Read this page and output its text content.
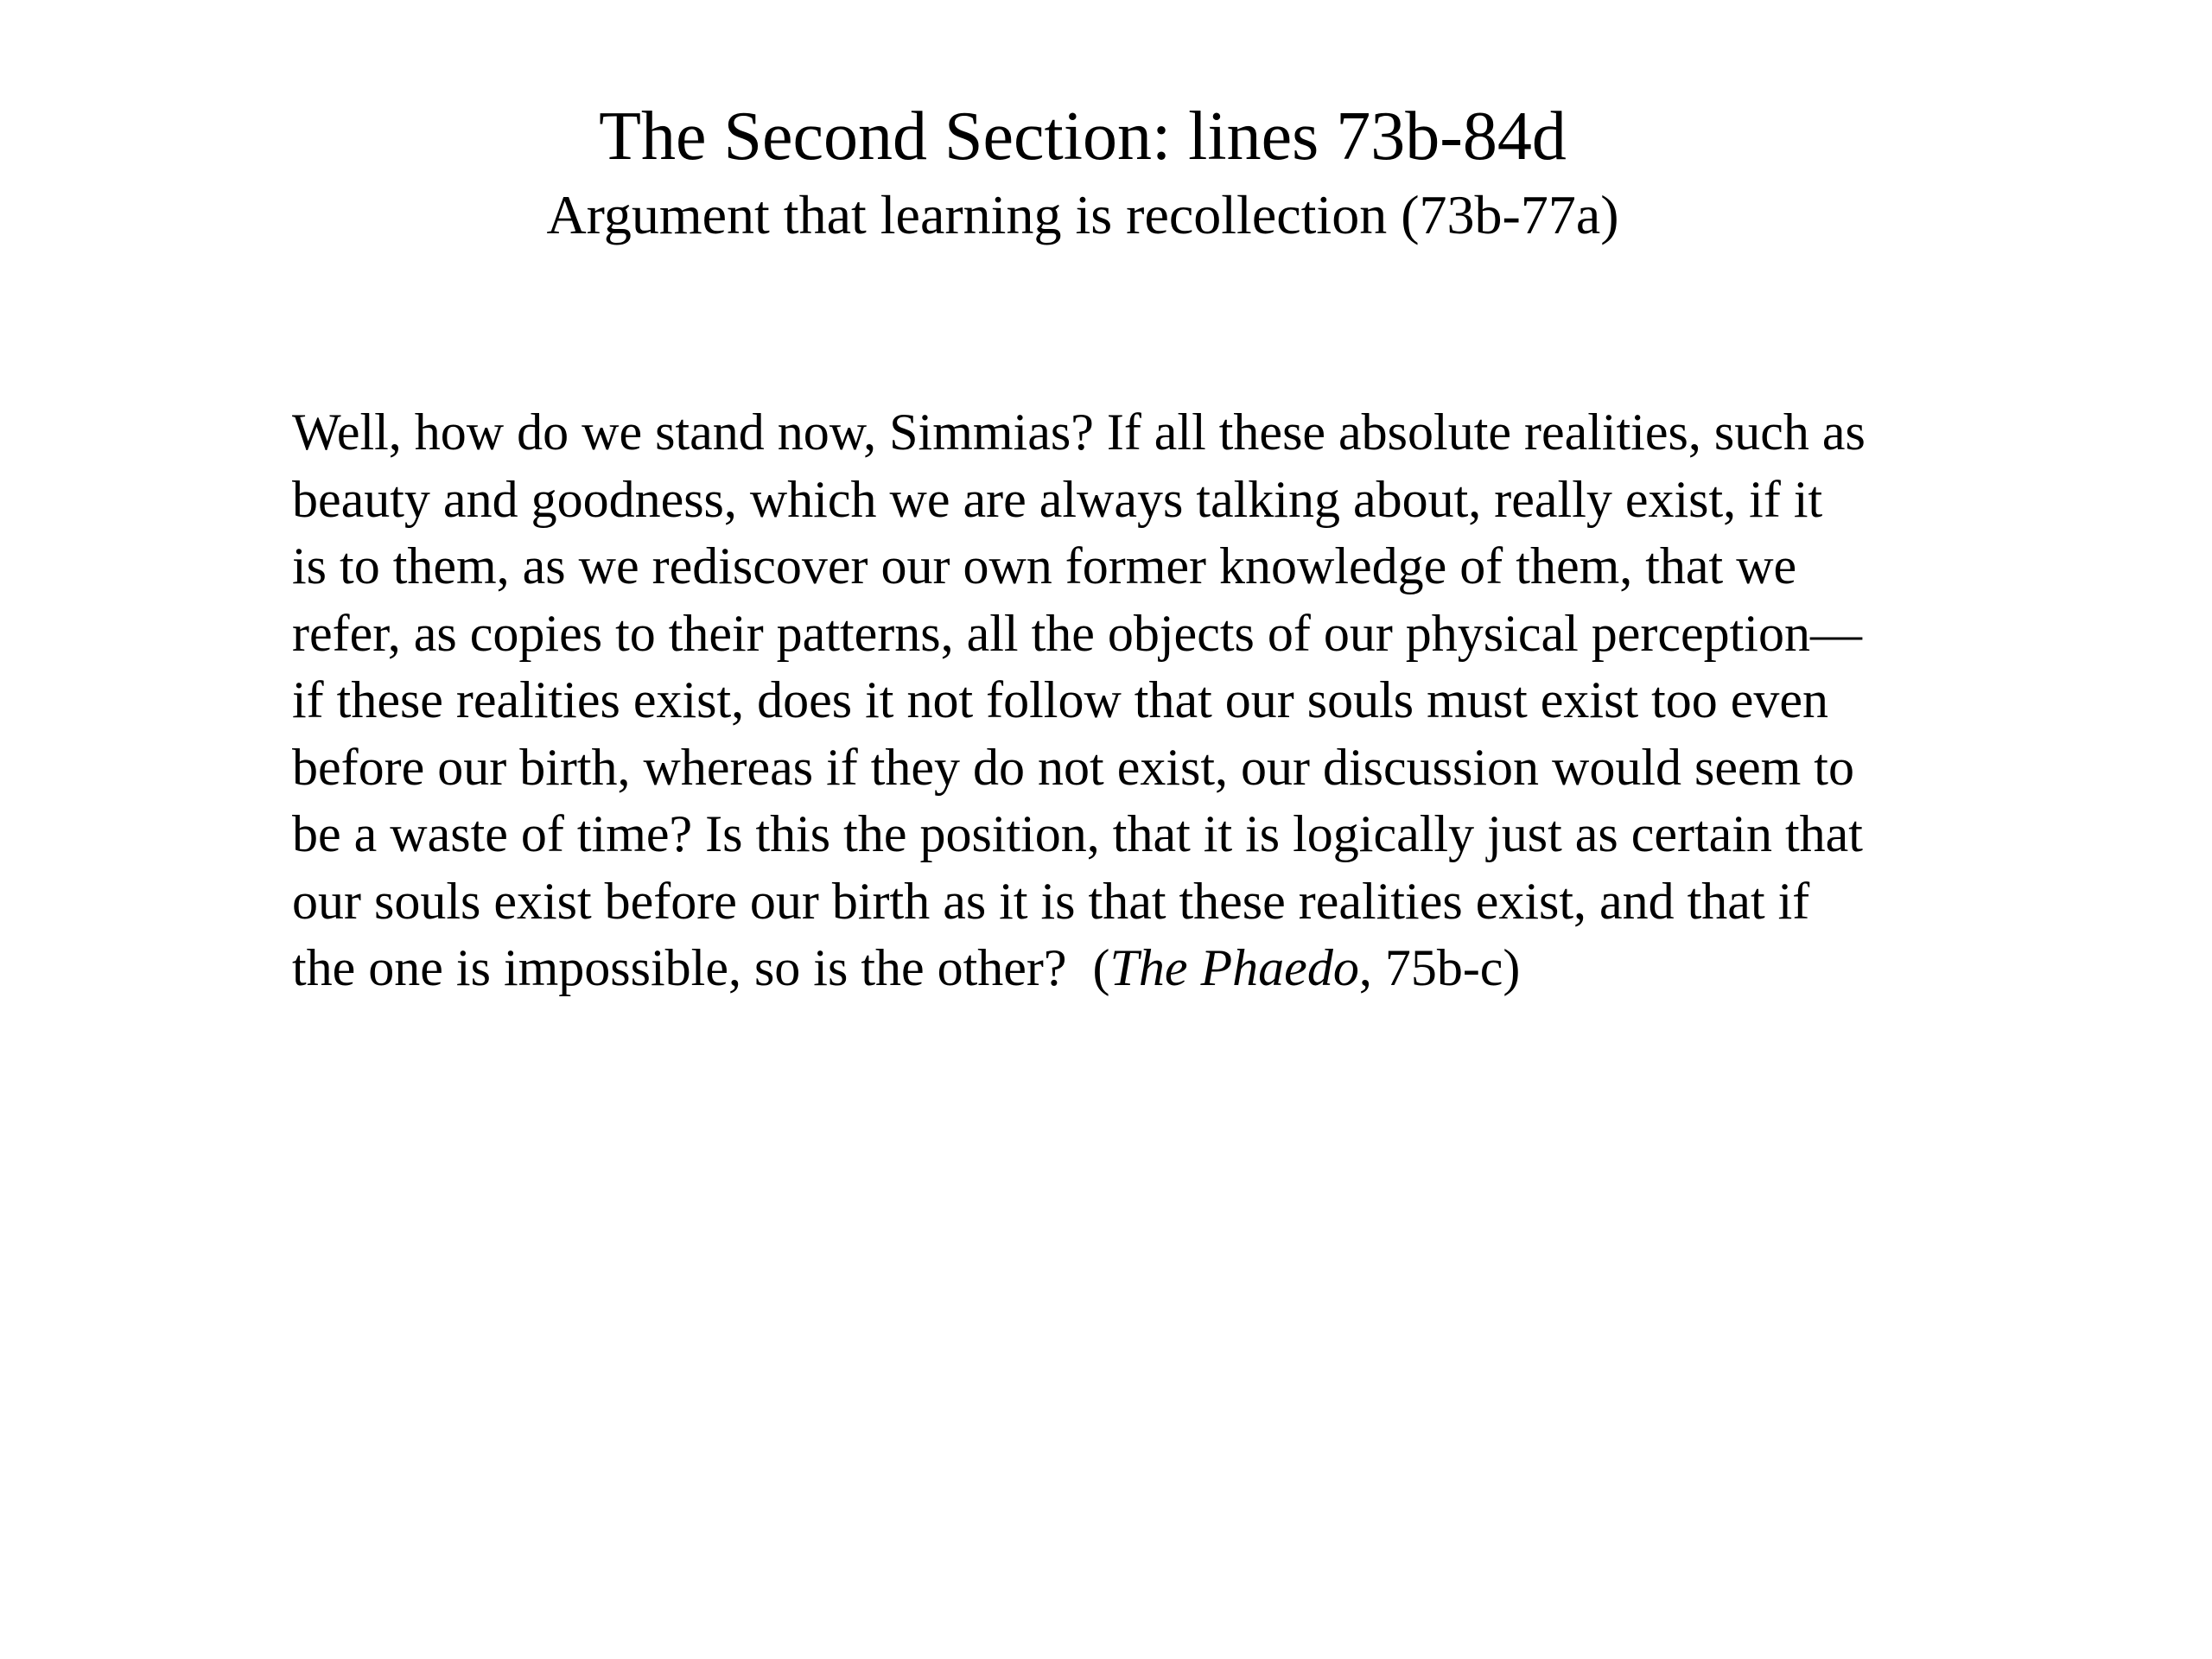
The Second Section: lines 73b-84d
Argument that learning is recollection (73b-77a)

Well, how do we stand now, Simmias? If all these absolute realities, such as
beauty and goodness, which we are always talking about, really exist, if it
is to them, as we rediscover our own former knowledge of them, that we
refer, as copies to their patterns, all the objects of our physical perception—
if these realities exist, does it not follow that our souls must exist too even
before our birth, whereas if they do not exist, our discussion would seem to
be a waste of time? Is this the position, that it is logically just as certain that
our souls exist before our birth as it is that these realities exist, and that if
the one is impossible, so is the other?  (The Phaedo, 75b-c)
